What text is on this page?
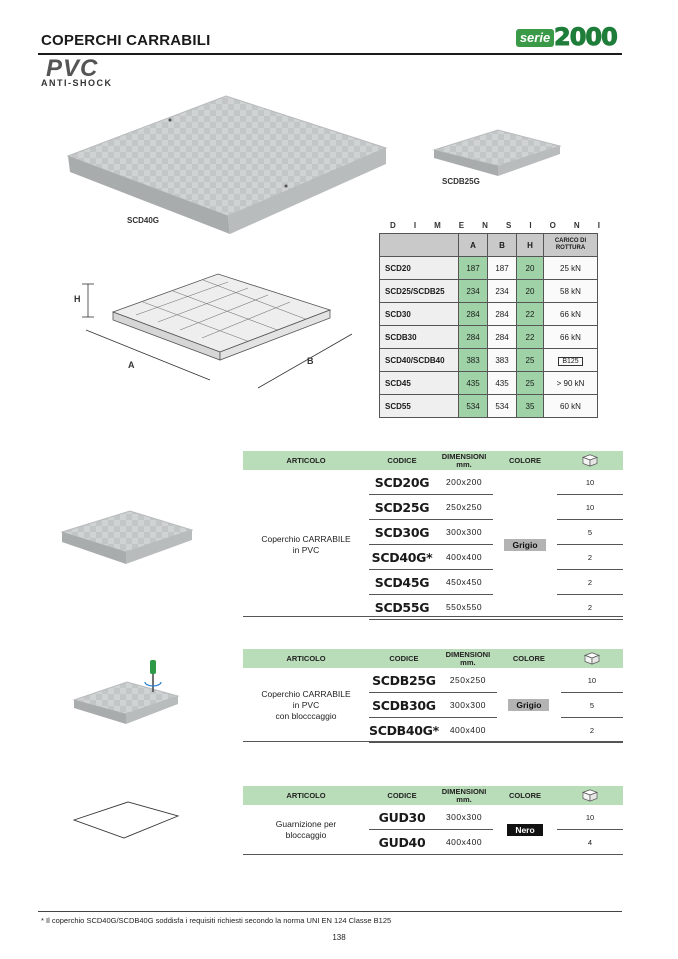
COPERCHI CARRABILI	serie 2000
PVC
ANTI-SHOCK
SCD40G
SCDB25G
H
A	B
D I M E N S I O N I
	A	B	H	CARICO DI
ROTTURA

SCD20	187	187	20	25 kN
SCD25/SCDB25	234	234	20	58 kN
SCD30	284	284	22	66 kN
SCDB30	284	284	22	66 kN
SCD40/SCDB40	383	383	25	B125
SCD45	435	435	25	> 90 kN
SCD55	534	534	35	60 kN
ARTICOLO	CODICE	DIMENSIONI
mm.	COLORE	

Coperchio CARRABILE
in PVC	SCD20G	200x200	Grigio	10
	SCD25G	250x250		10
	SCD30G	300x300		5
	SCD40G*	400x400		2
	SCD45G	450x450		2
	SCD55G	550x550		2
ARTICOLO	CODICE	DIMENSIONI
mm.	COLORE	

Coperchio CARRABILE
in PVC
con blocccaggio	SCDB25G	250x250	Grigio	10
	SCDB30G	300x300		5
	SCDB40G*	400x400		2
ARTICOLO	CODICE	DIMENSIONI
mm.	COLORE	

Guarnizione per
bloccaggio	GUD30	300x300	Nero	10
	GUD40	400x400		4
* Il coperchio SCD40G/SCDB40G soddisfa i requisiti richiesti secondo la norma UNI EN 124 Classe B125
138
